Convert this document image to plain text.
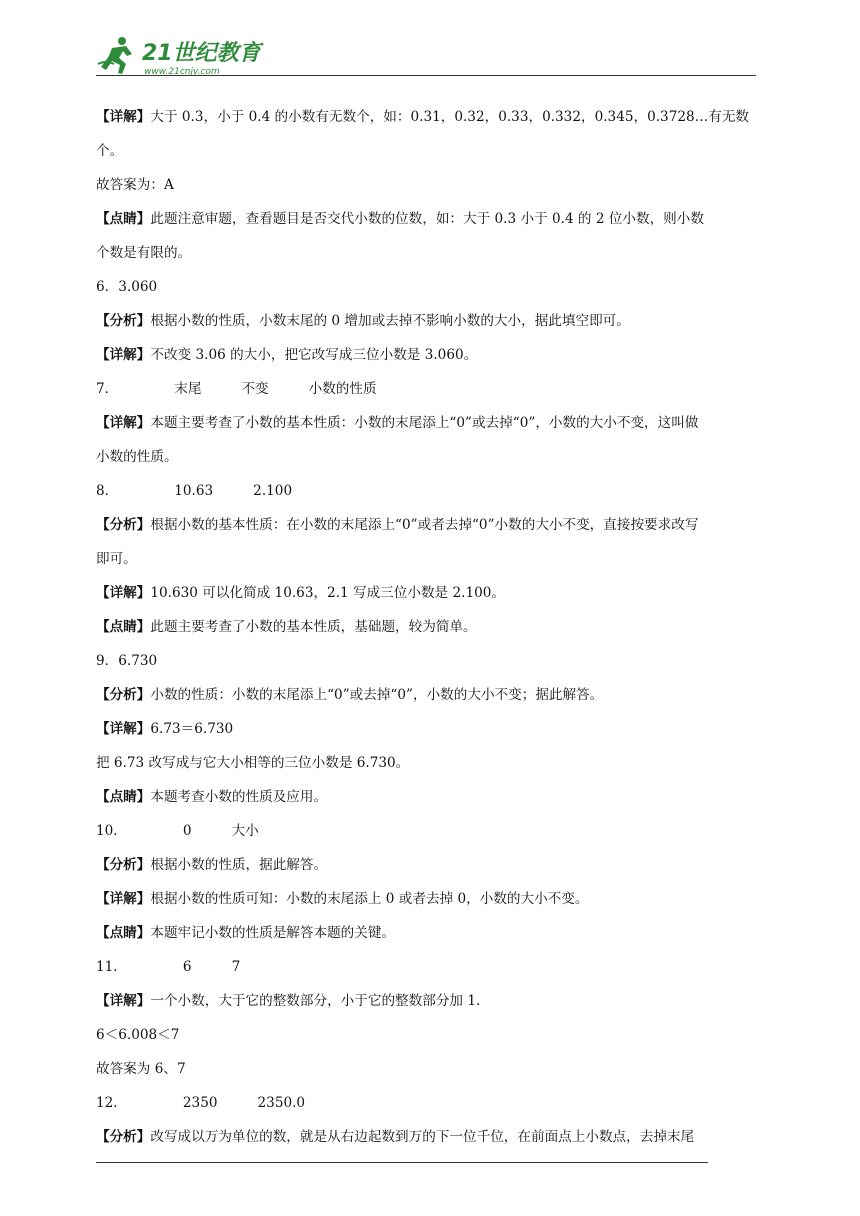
21世纪教育
www.21cnjy.com
【详解】大于 0.3，小于 0.4 的小数有无数个，如：0.31，0.32，0.33，0.332，0.345，0.3728…有无数
个。
故答案为：A
【点睛】此题注意审题，查看题目是否交代小数的位数，如：大于 0.3 小于 0.4 的 2 位小数，则小数
个数是有限的。
6．3.060
【分析】根据小数的性质，小数末尾的 0 增加或去掉不影响小数的大小，据此填空即可。
【详解】不改变 3.06 的大小，把它改写成三位小数是 3.060。
7．	末尾	不变	小数的性质
【详解】本题主要考查了小数的基本性质：小数的末尾添上“0”或去掉“0”，小数的大小不变，这叫做
小数的性质。
8．	10.63	2.100
【分析】根据小数的基本性质：在小数的末尾添上“0”或者去掉“0”小数的大小不变，直接按要求改写
即可。
【详解】10.630 可以化简成 10.63，2.1 写成三位小数是 2.100。
【点睛】此题主要考查了小数的基本性质，基础题，较为简单。
9．6.730
【分析】小数的性质：小数的末尾添上“0”或去掉“0”，小数的大小不变；据此解答。
【详解】6.73＝6.730
把 6.73 改写成与它大小相等的三位小数是 6.730。
【点睛】本题考查小数的性质及应用。
10．	0	大小
【分析】根据小数的性质，据此解答。
【详解】根据小数的性质可知：小数的末尾添上 0 或者去掉 0，小数的大小不变。
【点睛】本题牢记小数的性质是解答本题的关键。
11．	6	7
【详解】一个小数，大于它的整数部分，小于它的整数部分加 1.
6＜6.008＜7
故答案为 6、7
12．	2350	2350.0
【分析】改写成以万为单位的数，就是从右边起数到万的下一位千位，在前面点上小数点，去掉末尾
